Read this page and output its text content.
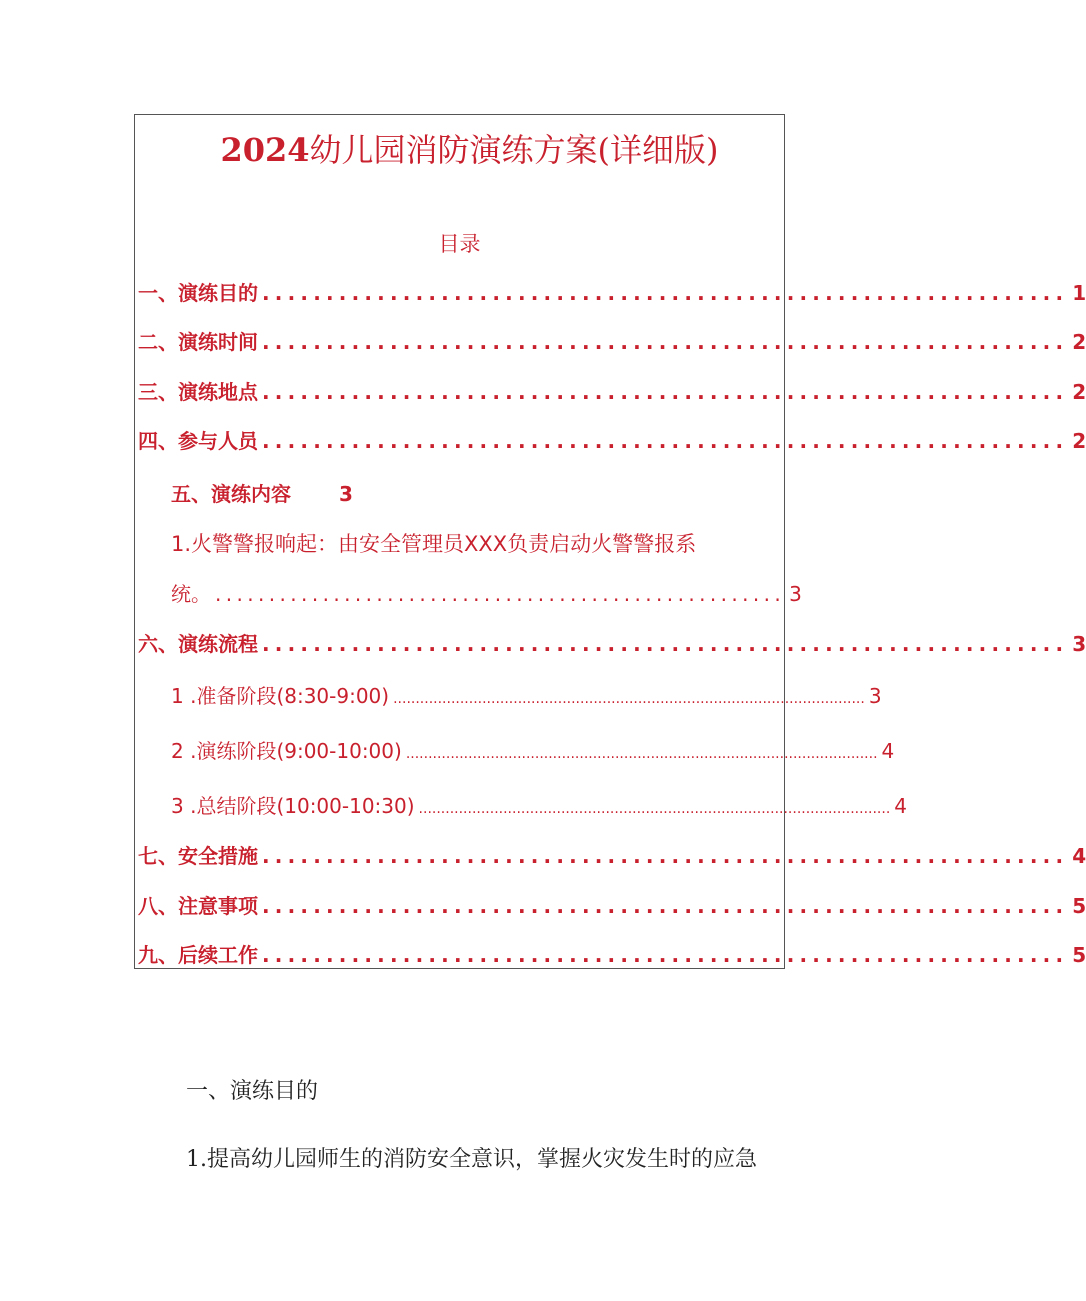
2024幼儿园消防演练方案(详细版)
目录
一、演练目的 ............................................................... 1
二、演练时间 ............................................................... 2
三、演练地点 ............................................................... 2
四、参与人员 ............................................................... 2
五、演练内容 3
1.火警警报响起：由安全管理员XXX负责启动火警警报系
统。 ..................................................... 3
六、演练流程 ............................................................... 3
1 .准备阶段(8:30-9:00) .......................................................................................................... 3
2 .演练阶段(9:00-10:00) .......................................................................................................... 4
3 .总结阶段(10:00-10:30) .......................................................................................................... 4
七、安全措施 ............................................................... 4
八、注意事项 ............................................................... 5
九、后续工作 ............................................................... 5
一、演练目的
1.提高幼儿园师生的消防安全意识，掌握火灾发生时的应急
